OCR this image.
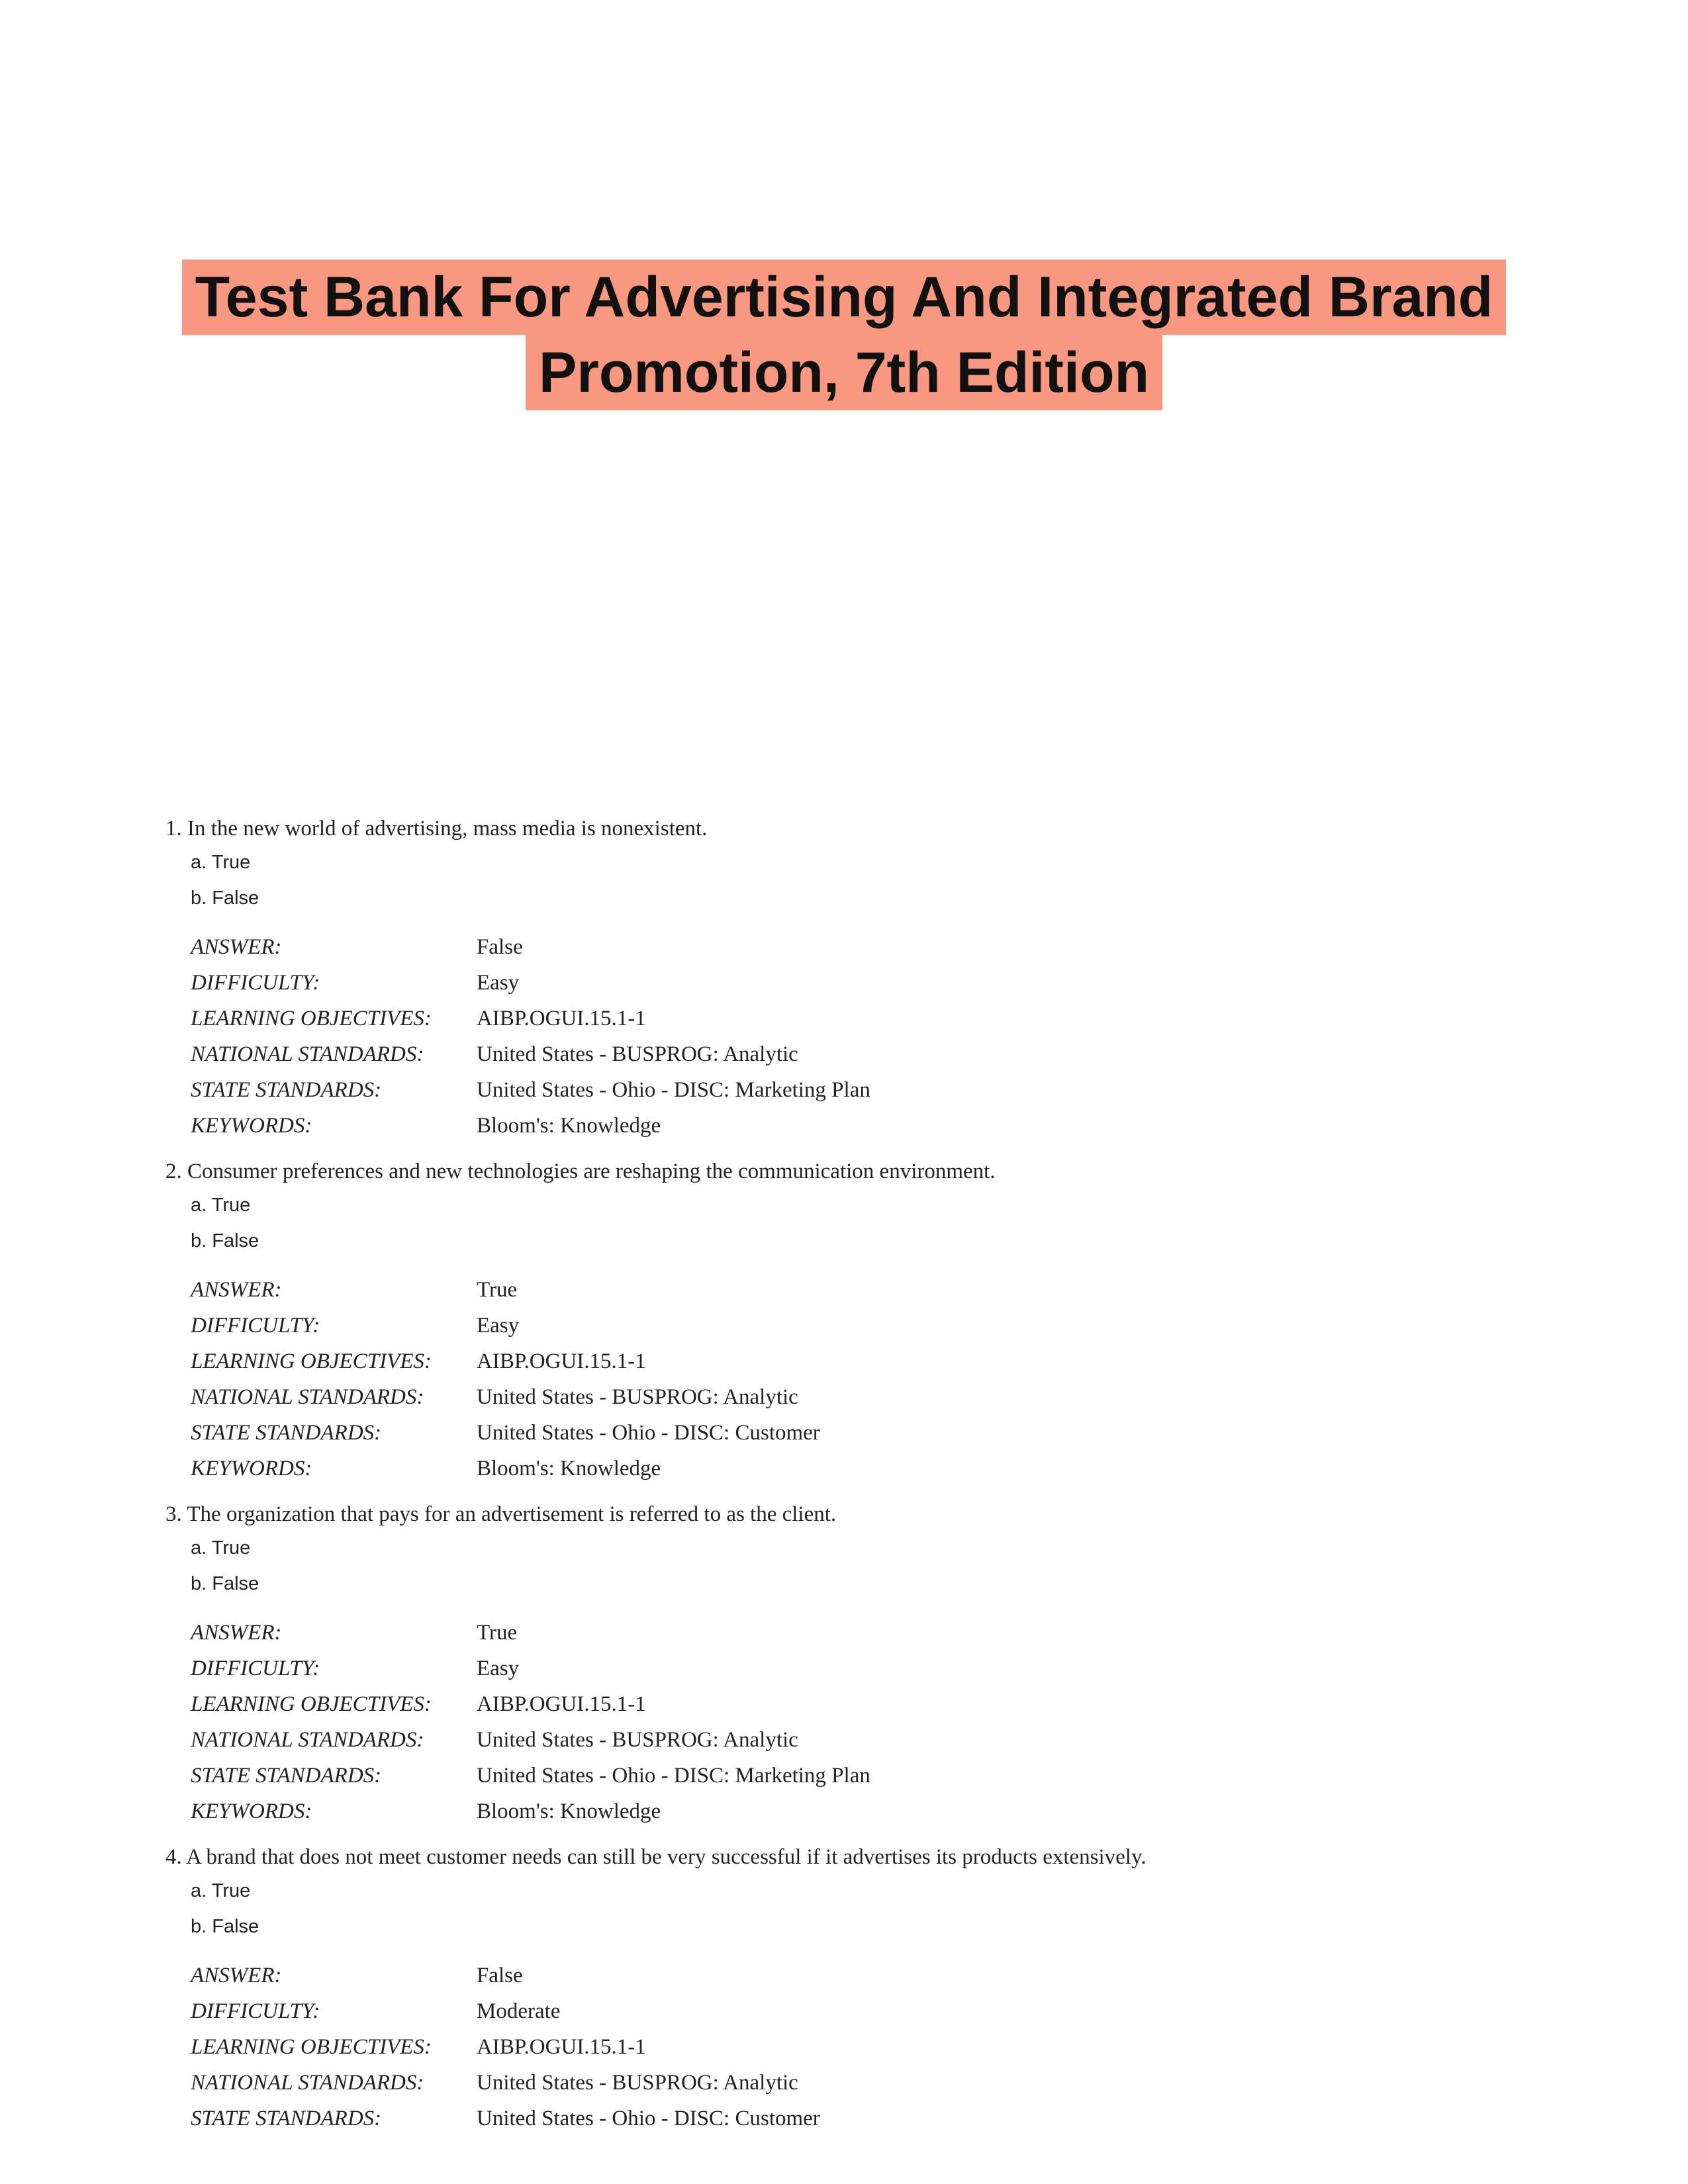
Test Bank For Advertising And Integrated Brand
Promotion, 7th Edition

1. In the new world of advertising, mass media is nonexistent.

a. True

b. False

ANSWER:	False
DIFFICULTY:	Easy
LEARNING OBJECTIVES:	AIBP.OGUI.15.1-1
NATIONAL STANDARDS:	United States - BUSPROG: Analytic
STATE STANDARDS:	United States - Ohio - DISC: Marketing Plan
KEYWORDS:	Bloom's: Knowledge

2. Consumer preferences and new technologies are reshaping the communication environment.

a. True

b. False

ANSWER:	True
DIFFICULTY:	Easy
LEARNING OBJECTIVES:	AIBP.OGUI.15.1-1
NATIONAL STANDARDS:	United States - BUSPROG: Analytic
STATE STANDARDS:	United States - Ohio - DISC: Customer
KEYWORDS:	Bloom's: Knowledge

3. The organization that pays for an advertisement is referred to as the client.

a. True

b. False

ANSWER:	True
DIFFICULTY:	Easy
LEARNING OBJECTIVES:	AIBP.OGUI.15.1-1
NATIONAL STANDARDS:	United States - BUSPROG: Analytic
STATE STANDARDS:	United States - Ohio - DISC: Marketing Plan
KEYWORDS:	Bloom's: Knowledge

4. A brand that does not meet customer needs can still be very successful if it advertises its products extensively.

a. True

b. False

ANSWER:	False
DIFFICULTY:	Moderate
LEARNING OBJECTIVES:	AIBP.OGUI.15.1-1
NATIONAL STANDARDS:	United States - BUSPROG: Analytic
STATE STANDARDS:	United States - Ohio - DISC: Customer
